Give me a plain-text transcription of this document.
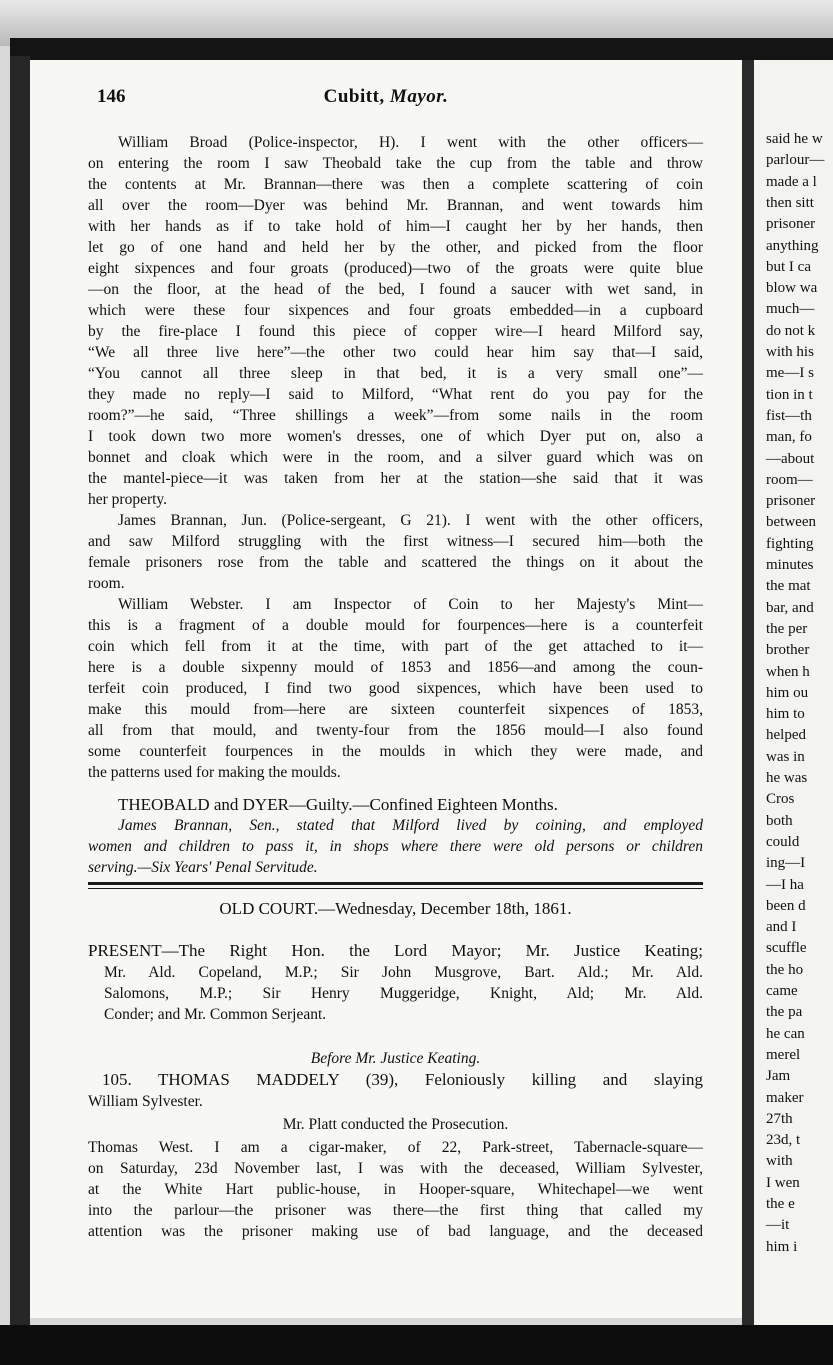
146	Cubitt, Mayor.
William Broad (Police-inspector, H). I went with the other officers—
on entering the room I saw Theobald take the cup from the table and throw
the contents at Mr. Brannan—there was then a complete scattering of coin
all over the room—Dyer was behind Mr. Brannan, and went towards him
with her hands as if to take hold of him—I caught her by her hands, then
let go of one hand and held her by the other, and picked from the floor
eight sixpences and four groats (produced)—two of the groats were quite blue
—on the floor, at the head of the bed, I found a saucer with wet sand, in
which were these four sixpences and four groats embedded—in a cupboard
by the fire-place I found this piece of copper wire—I heard Milford say,
“We all three live here”—the other two could hear him say that—I said,
“You cannot all three sleep in that bed, it is a very small one”—
they made no reply—I said to Milford, “What rent do you pay for the
room?”—he said, “Three shillings a week”—from some nails in the room
I took down two more women's dresses, one of which Dyer put on, also a
bonnet and cloak which were in the room, and a silver guard which was on
the mantel-piece—it was taken from her at the station—she said that it was
her property.
James Brannan, Jun. (Police-sergeant, G 21). I went with the other officers,
and saw Milford struggling with the first witness—I secured him—both the
female prisoners rose from the table and scattered the things on it about the
room.
William Webster. I am Inspector of Coin to her Majesty's Mint—
this is a fragment of a double mould for fourpences—here is a counterfeit
coin which fell from it at the time, with part of the get attached to it—
here is a double sixpenny mould of 1853 and 1856—and among the coun-
terfeit coin produced, I find two good sixpences, which have been used to
make this mould from—here are sixteen counterfeit sixpences of 1853,
all from that mould, and twenty-four from the 1856 mould—I also found
some counterfeit fourpences in the moulds in which they were made, and
the patterns used for making the moulds.
THEOBALD and DYER—Guilty.—Confined Eighteen Months.
James Brannan, Sen., stated that Milford lived by coining, and employed
women and children to pass it, in shops where there were old persons or children
serving.—Six Years' Penal Servitude.
OLD COURT.—Wednesday, December 18th, 1861.
PRESENT—The Right Hon. the Lord Mayor; Mr. Justice Keating;
Mr. Ald. Copeland, M.P.; Sir John Musgrove, Bart. Ald.; Mr. Ald.
Salomons, M.P.; Sir Henry Muggeridge, Knight, Ald; Mr. Ald.
Conder; and Mr. Common Serjeant.
Before Mr. Justice Keating.
105. THOMAS MADDELY (39), Feloniously killing and slaying
William Sylvester.
Mr. Platt conducted the Prosecution.
Thomas West. I am a cigar-maker, of 22, Park-street, Tabernacle-square—
on Saturday, 23d November last, I was with the deceased, William Sylvester,
at the White Hart public-house, in Hooper-square, Whitechapel—we went
into the parlour—the prisoner was there—the first thing that called my
attention was the prisoner making use of bad language, and the deceased
said he w
parlour—
made a l
then sitt
prisoner
anything
but I ca
blow wa
much—
do not k
with his
me—I s
tion in t
fist—th
man, fo
—about
room—
prisoner
between
fighting
minutes
the mat
bar, and
the per
brother
when h
him ou
him to
helped
was in
he was
Cros
both
could
ing—I
—I ha
been d
and I
scuffle
the ho
came
the pa
he can
merel
Jam
maker
27th
23d, t
with
I wen
the e
—it
him i
